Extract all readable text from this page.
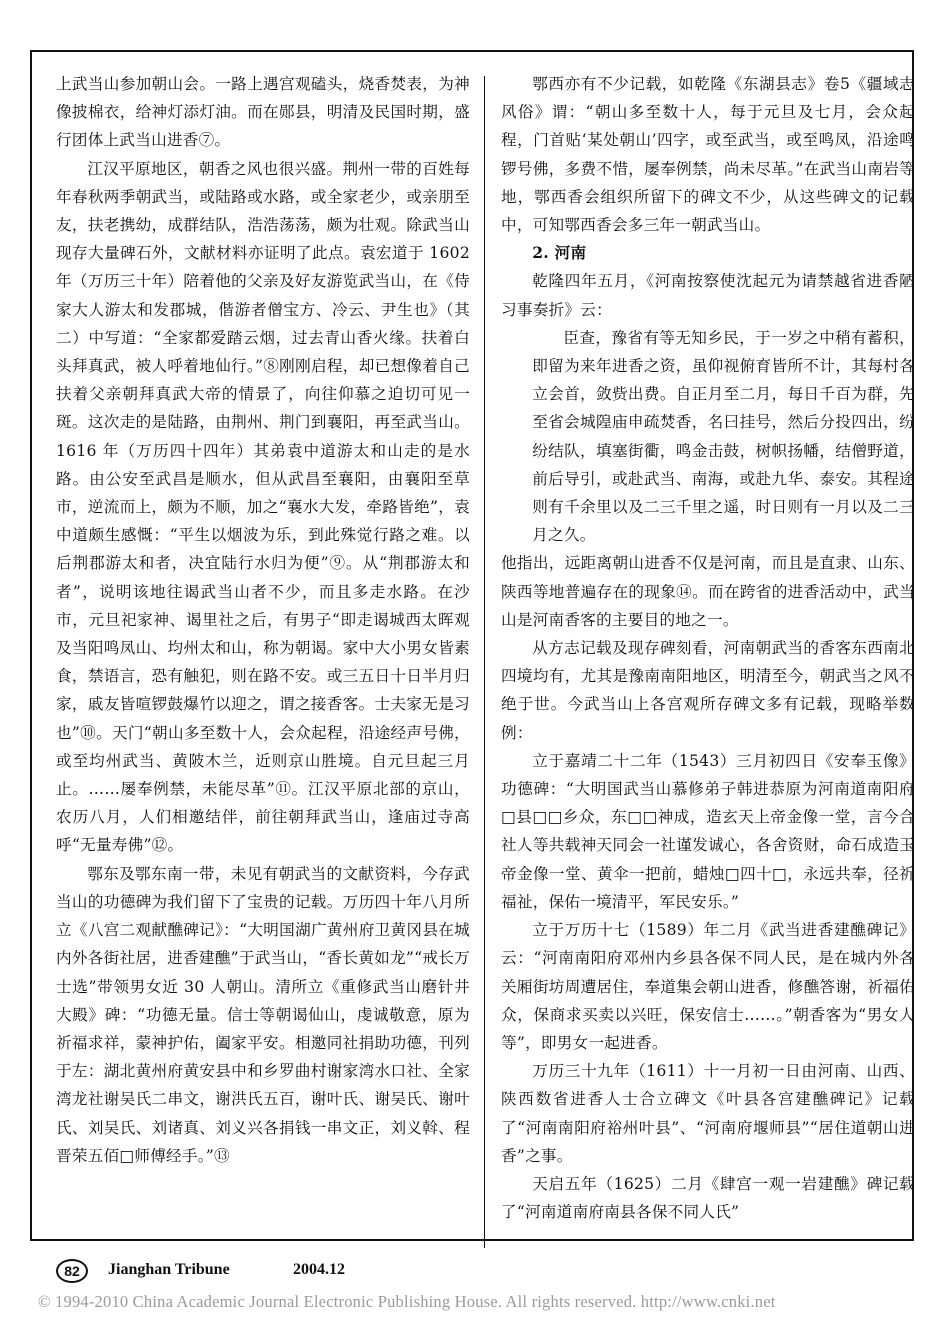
上武当山参加朝山会。一路上遇宫观磕头，烧香焚表，为神像披棉衣，给神灯添灯油。而在郧县，明清及民国时期，盛行团体上武当山进香⑦。

江汉平原地区，朝香之风也很兴盛。荆州一带的百姓每年春秋两季朝武当，或陆路或水路，或全家老少，或亲朋至友，扶老携幼，成群结队，浩浩荡荡，颇为壮观。除武当山现存大量碑石外，文献材料亦证明了此点。袁宏道于 1602 年（万历三十年）陪着他的父亲及好友游览武当山，在《侍家大人游太和发郡城，偕游者僧宝方、冷云、尹生也》（其二）中写道：“全家都爱踏云烟，过去青山香火缘。扶着白头拜真武，被人呼着地仙行。”⑧刚刚启程，却已想像着自己扶着父亲朝拜真武大帝的情景了，向往仰慕之迫切可见一斑。这次走的是陆路，由荆州、荆门到襄阳，再至武当山。1616 年（万历四十四年）其弟袁中道游太和山走的是水路。由公安至武昌是顺水，但从武昌至襄阳，由襄阳至草市，逆流而上，颇为不顺，加之“襄水大发，牵路皆绝”，袁中道颇生感慨：“平生以烟波为乐，到此殊觉行路之难。以后荆郡游太和者，决宜陆行水归为便”⑨。从“荆郡游太和者”，说明该地往谒武当山者不少，而且多走水路。在沙市，元旦祀家神、谒里社之后，有男子“即走谒城西太晖观及当阳鸣凤山、均州太和山，称为朝谒。家中大小男女皆素食，禁语言，恐有触犯，则在路不安。或三五日十日半月归家，戚友皆喧锣鼓爆竹以迎之，谓之接香客。士夫家无是习也”⑩。天门“朝山多至数十人，会众起程，沿途经声号佛，或至均州武当、黄陂木兰，近则京山胜境。自元旦起三月止。……屡奉例禁，未能尽革”⑪。江汉平原北部的京山，农历八月，人们相邀结伴，前往朝拜武当山，逢庙过寺高呼“无量寿佛”⑫。

鄂东及鄂东南一带，未见有朝武当的文献资料，今存武当山的功德碑为我们留下了宝贵的记载。万历四十年八月所立《八宫二观献醮碑记》：“大明国湖广黄州府卫黄冈县在城内外各街社居，进香建醮”于武当山，“香长黄如龙”“戒长万士选”带领男女近 30 人朝山。清所立《重修武当山磨针井大殿》碑：“功德无量。信士等朝谒仙山，虔诚敬意，原为祈福求祥，蒙神护佑，阖家平安。相邀同社捐助功德，刊列于左：湖北黄州府黄安县中和乡罗曲村谢家湾水口社、全家湾龙社谢吴氏二串文，谢洪氏五百，谢叶氏、谢吴氏、谢叶氏、刘吴氏、刘诸真、刘义兴各捐钱一串文正，刘义斡、程晋荣五佰□师傅经手。”⑬

鄂西亦有不少记载，如乾隆《东湖县志》卷5《疆域志 风俗》谓：“朝山多至数十人，每于元旦及七月，会众起程，门首贴‘某处朝山’四字，或至武当，或至鸣凤，沿途鸣锣号佛，多费不惜，屡奉例禁，尚未尽革。”在武当山南岩等地，鄂西香会组织所留下的碑文不少，从这些碑文的记载中，可知鄂西香会多三年一朝武当山。

2. 河南

乾隆四年五月，《河南按察使沈起元为请禁越省进香陋习事奏折》云：

臣查，豫省有等无知乡民，于一岁之中稍有蓄积，即留为来年进香之资，虽仰视俯育皆所不计，其每村各立会首，敛赀出费。自正月至二月，每日千百为群，先至省会城隍庙申疏焚香，名曰挂号，然后分投四出，纷纷结队，填塞街衢，鸣金击鼓，树帜扬幡，结僧野道，前后导引，或赴武当、南海，或赴九华、泰安。其程途则有千余里以及二三千里之遥，时日则有一月以及二三月之久。

他指出，远距离朝山进香不仅是河南，而且是直隶、山东、陕西等地普遍存在的现象⑭。而在跨省的进香活动中，武当山是河南香客的主要目的地之一。

从方志记载及现存碑刻看，河南朝武当的香客东西南北四境均有，尤其是豫南南阳地区，明清至今，朝武当之风不绝于世。今武当山上各宫观所存碑文多有记载，现略举数例：

立于嘉靖二十二年（1543）三月初四日《安奉玉像》功德碑：“大明国武当山慕修弟子韩进恭原为河南道南阳府□县□□乡众，东□□神成，造玄天上帝金像一堂，言今合社人等共载神天同会一社谨发诚心，各舍资财，命石成造玉帝金像一堂、黄伞一把前，蜡烛□四十□，永远共奉，径祈福祉，保佑一境清平，军民安乐。”

立于万历十七（1589）年二月《武当进香建醮碑记》云：“河南南阳府邓州内乡县各保不同人民，是在城内外各关厢街坊周遭居住，奉道集会朝山进香，修醮答谢，祈福佑众，保商求买卖以兴旺，保安信士……。”朝香客为“男女人等”，即男女一起进香。

万历三十九年（1611）十一月初一日由河南、山西、陕西数省进香人士合立碑文《叶县各宫建醮碑记》记载了“河南南阳府裕州叶县”、“河南府堰师县”“居住道朝山进香”之事。

天启五年（1625）二月《肆宫一观一岩建醮》碑记载了“河南道南府南县各保不同人氏”

82	Jianghan Tribune	2004.12
© 1994-2010 China Academic Journal Electronic Publishing House. All rights reserved. http://www.cnki.net
